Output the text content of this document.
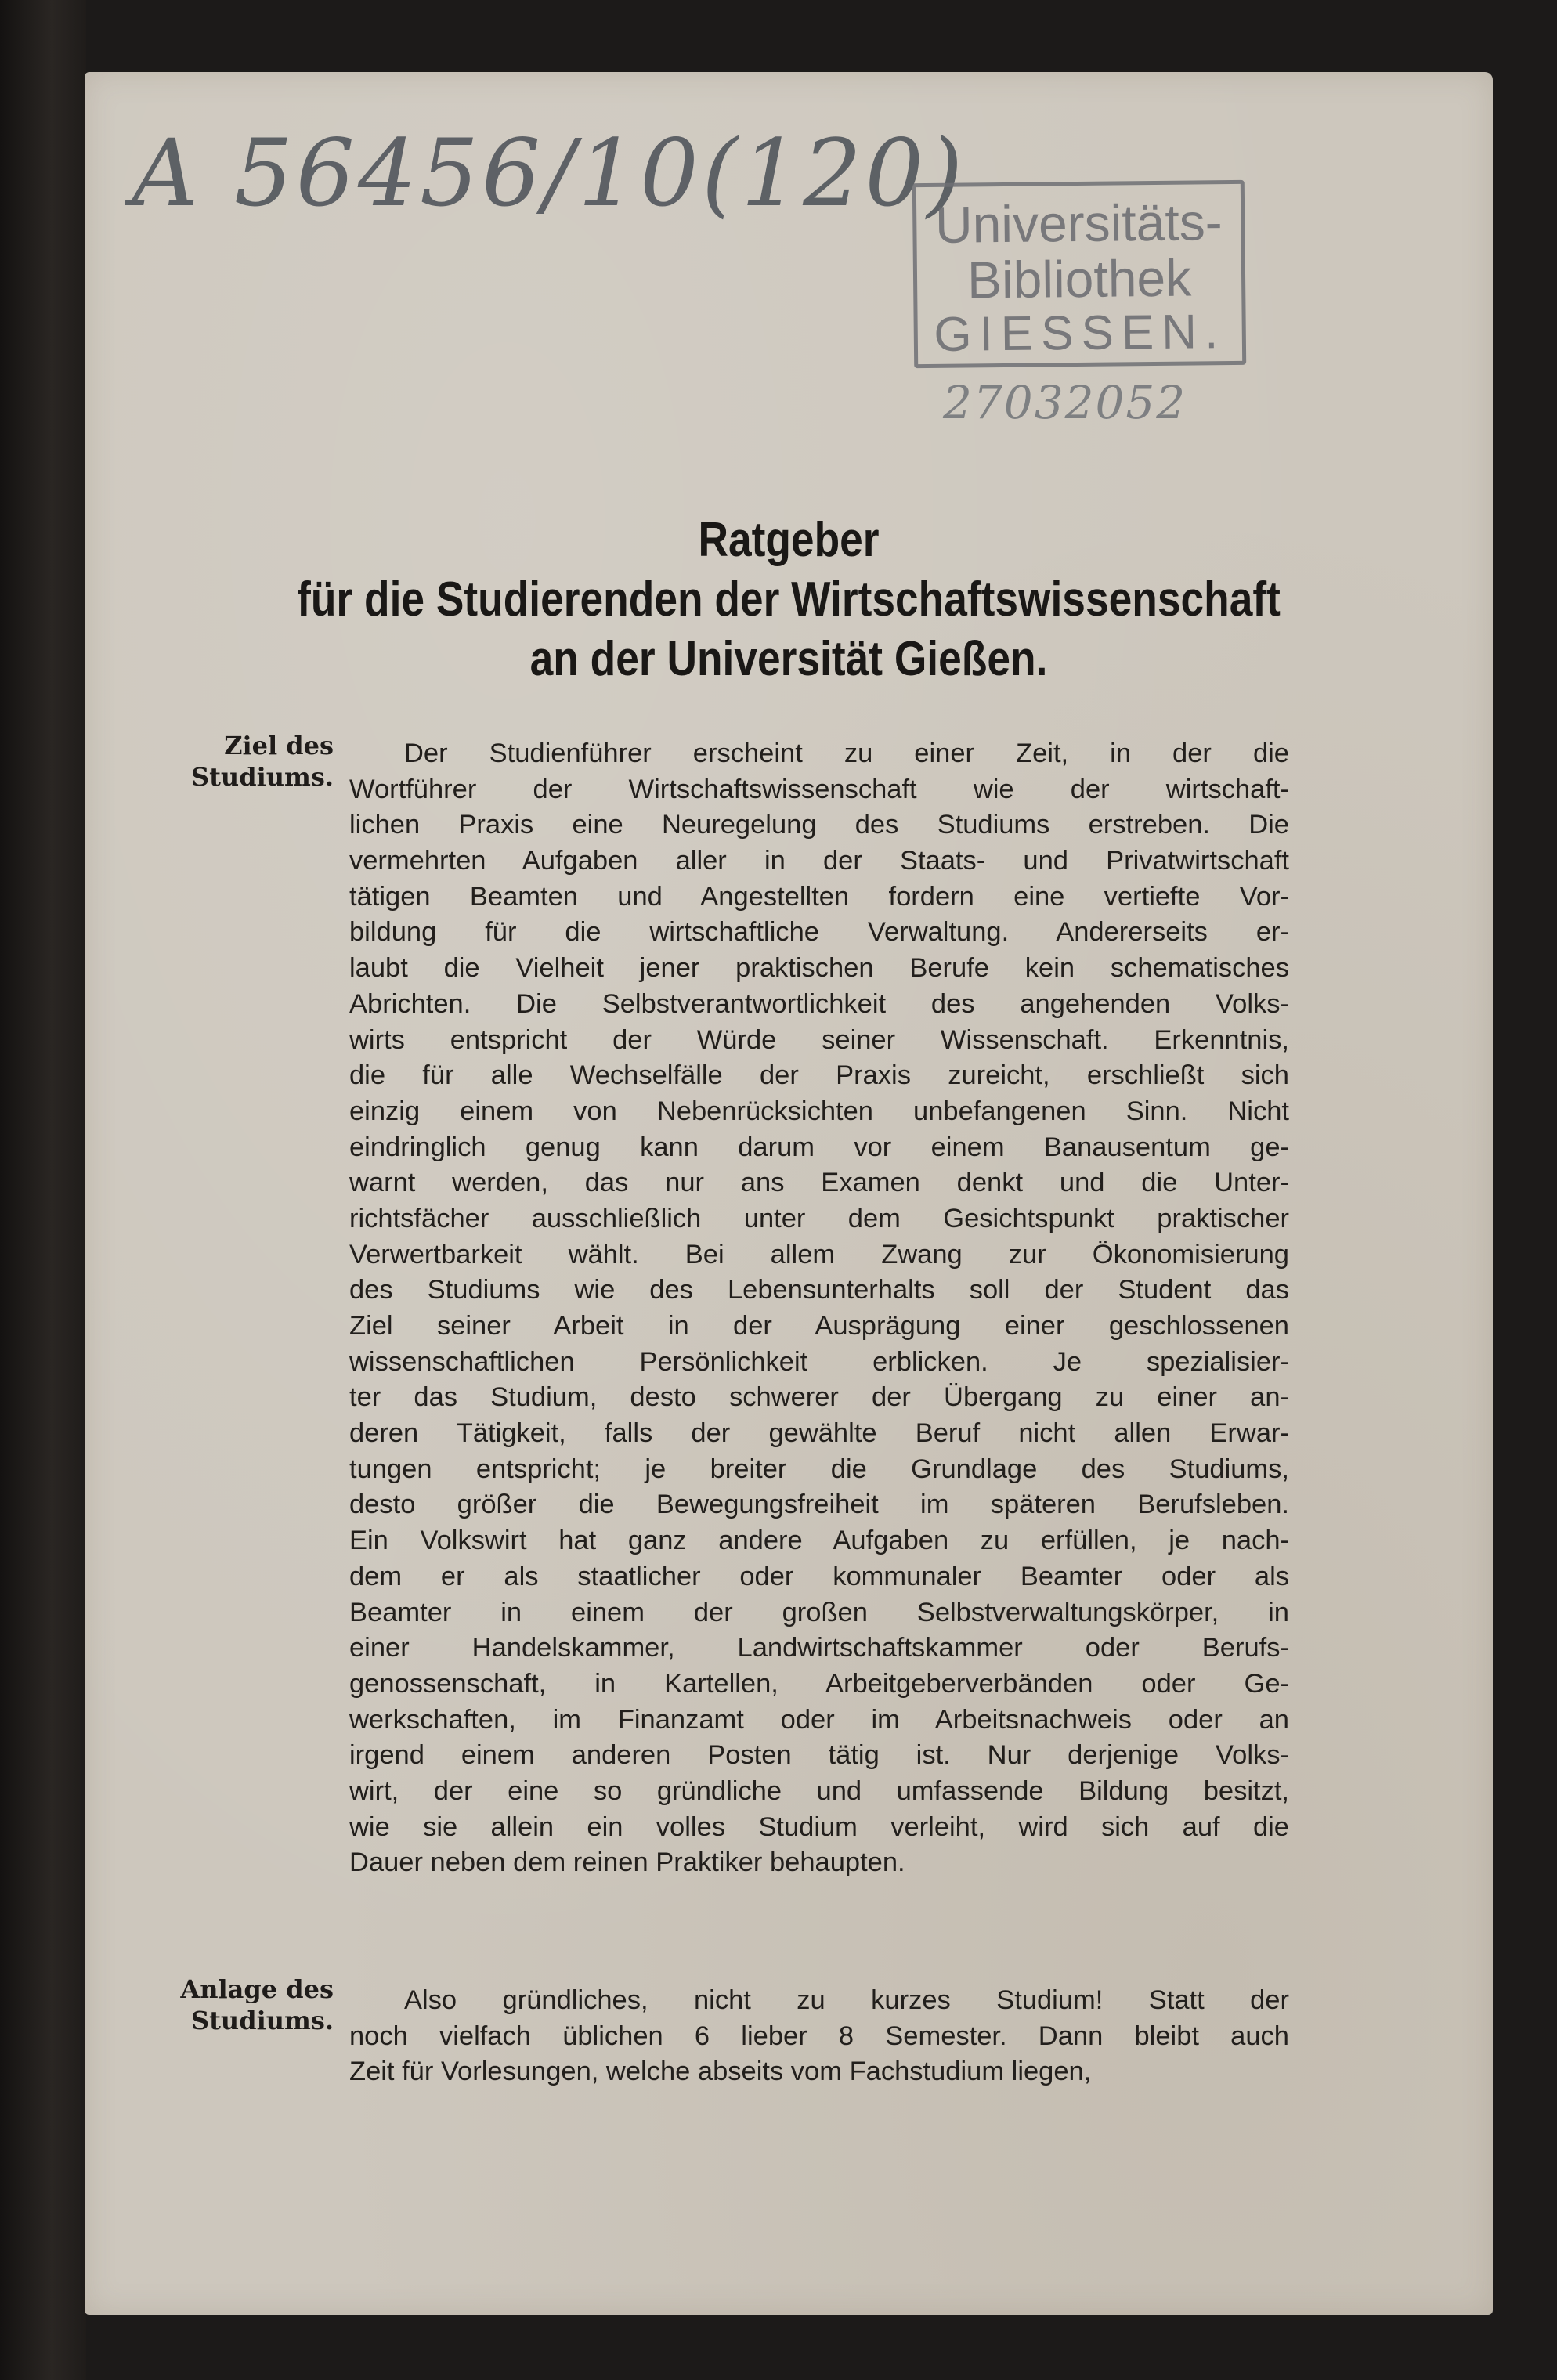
A 56456/10(120)
Universitäts-
Bibliothek
GIESSEN.
27032052
Ratgeber
für die Studierenden der Wirtschaftswissenschaft
an der Universität Gießen.
Ziel des
Studiums.
Der Studienführer erscheint zu einer Zeit, in der die
Wortführer der Wirtschaftswissenschaft wie der wirtschaft-
lichen Praxis eine Neuregelung des Studiums erstreben. Die
vermehrten Aufgaben aller in der Staats- und Privatwirtschaft
tätigen Beamten und Angestellten fordern eine vertiefte Vor-
bildung für die wirtschaftliche Verwaltung. Andererseits er-
laubt die Vielheit jener praktischen Berufe kein schematisches
Abrichten. Die Selbstverantwortlichkeit des angehenden Volks-
wirts entspricht der Würde seiner Wissenschaft. Erkenntnis,
die für alle Wechselfälle der Praxis zureicht, erschließt sich
einzig einem von Nebenrücksichten unbefangenen Sinn. Nicht
eindringlich genug kann darum vor einem Banausentum ge-
warnt werden, das nur ans Examen denkt und die Unter-
richtsfächer ausschließlich unter dem Gesichtspunkt praktischer
Verwertbarkeit wählt. Bei allem Zwang zur Ökonomisierung
des Studiums wie des Lebensunterhalts soll der Student das
Ziel seiner Arbeit in der Ausprägung einer geschlossenen
wissenschaftlichen Persönlichkeit erblicken. Je spezialisier-
ter das Studium, desto schwerer der Übergang zu einer an-
deren Tätigkeit, falls der gewählte Beruf nicht allen Erwar-
tungen entspricht; je breiter die Grundlage des Studiums,
desto größer die Bewegungsfreiheit im späteren Berufsleben.
Ein Volkswirt hat ganz andere Aufgaben zu erfüllen, je nach-
dem er als staatlicher oder kommunaler Beamter oder als
Beamter in einem der großen Selbstverwaltungskörper, in
einer Handelskammer, Landwirtschaftskammer oder Berufs-
genossenschaft, in Kartellen, Arbeitgeberverbänden oder Ge-
werkschaften, im Finanzamt oder im Arbeitsnachweis oder an
irgend einem anderen Posten tätig ist. Nur derjenige Volks-
wirt, der eine so gründliche und umfassende Bildung besitzt,
wie sie allein ein volles Studium verleiht, wird sich auf die
Dauer neben dem reinen Praktiker behaupten.
Anlage des
Studiums.
Also gründliches, nicht zu kurzes Studium! Statt der
noch vielfach üblichen 6 lieber 8 Semester. Dann bleibt auch
Zeit für Vorlesungen, welche abseits vom Fachstudium liegen,
